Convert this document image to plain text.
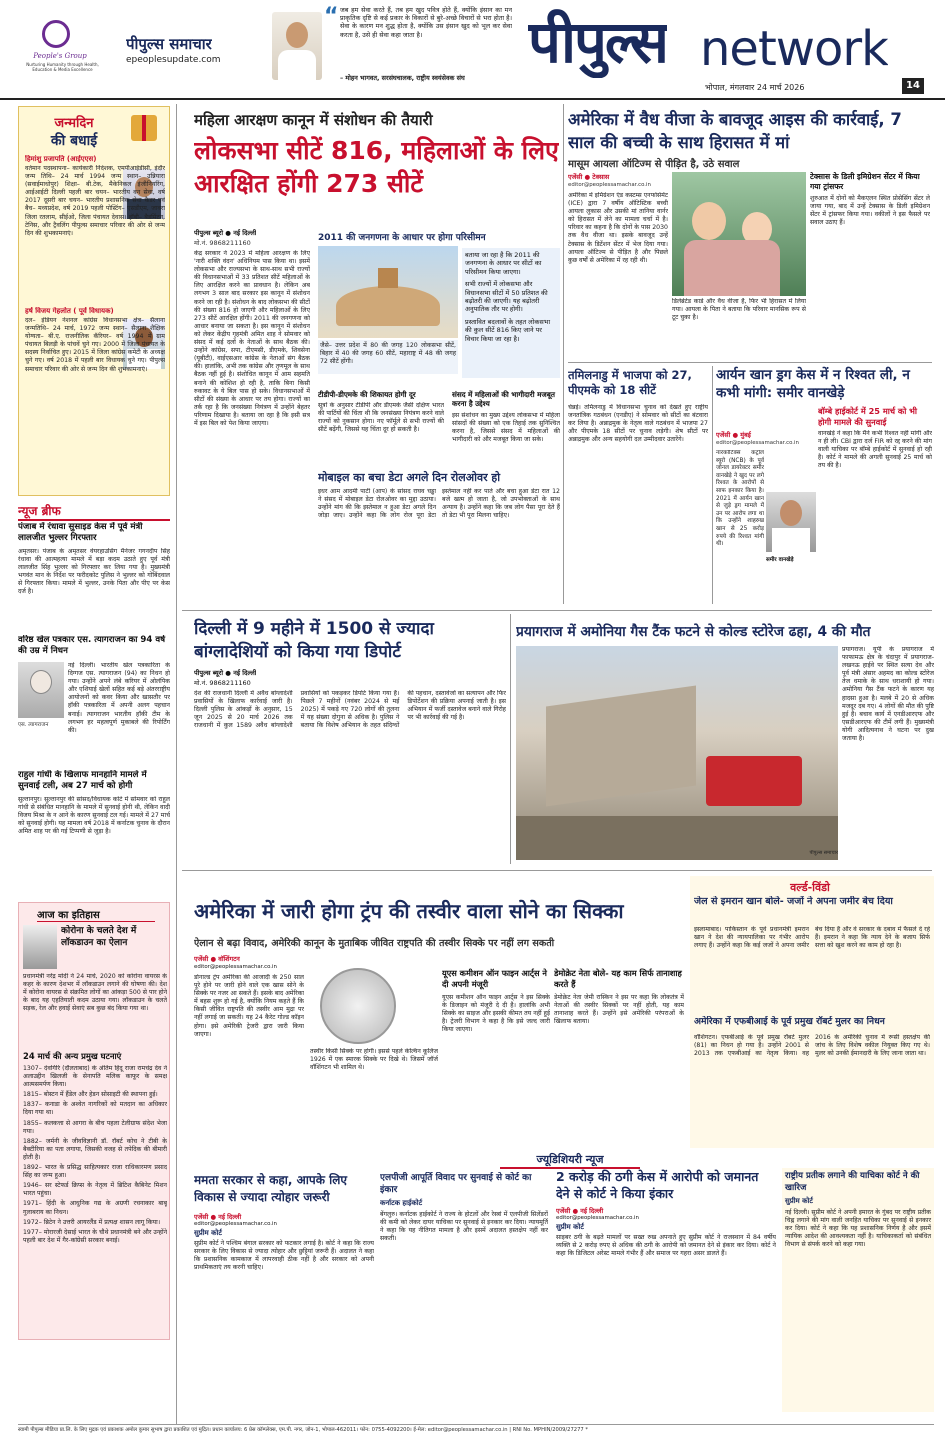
People's Group
Nurturing Humanity through Health, Education & Media Excellence
पीपुल्स समाचार
epeoplesupdate.com
“ जब हम सेवा करते हैं, तब हम खुद पवित्र होते हैं, क्योंकि इंसान का मन प्राकृतिक दृष्टि से कई प्रकार के विकारों से बुरे-अच्छे विचारों से भरा होता है। सेवा के कारण मन शुद्ध होता है, क्योंकि उस इंसान खुद को भूल कर सेवा करता है, उसे ही सेवा कहा जाता है।
– मोहन भागवत, सरसंघचालक, राष्ट्रीय स्वयंसेवक संघ
पीपुल्स network
भोपाल, मंगलवार 24 मार्च 2026	14
जन्मदिन
की बधाई
हिमांशु प्रजापति (आईएएस)
वर्तमान पदस्थापना– कार्यकारी निदेशक, एमपीआईडीसी, इंदौर जन्म तिथि– 24 मार्च 1994 जन्म स्थान– उन्नियारा (सवाईमाधोपुर) शिक्षा– बी.टेक, मैकेनिकल इंजीनियरिंग, आईआईटी दिल्ली पहली बार चयन– भारतीय वन सेवा, वर्ष 2017 दूसरी बार चयन– भारतीय प्रशासनिक सेवा कैडर एवं बैच– मध्यप्रदेश, वर्ष 2019 पहली पोस्टिंग– एसडीएम, जावरा जिला रतलाम, सीईओ, जिला पंचायत देवास। हॉबी– बैडमिंटन, टेनिस, और ट्रैवलिंग पीपुल्स समाचार परिवार की ओर से जन्म दिन की शुभकामनाएं।
हर्ष विजय गेहलोत ( पूर्व विधायक)
दल– इंडियन नेशनल कांग्रेस विधानसभा क्षेत्र– सैलाना जन्मतिथि– 24 मार्च, 1972 जन्म स्थान– सैलाना शैक्षिक योग्यता– बी.ए. राजनीतिक कॅरियर– वर्ष 1994 में ग्राम पंचायत बिलड़ी के पांचवें चुने गए। 2000 में जिला पंचायत के सदस्य निर्वाचित हुए। 2015 में जिला कांग्रेस कमेटी के अध्यक्ष चुने गए। वर्ष 2018 में पहली बार विधायक चुने गए। पीपुल्स समाचार परिवार की ओर से जन्म दिन की शुभकामनाएं।
न्यूज ब्रीफ
पंजाब में रंधावा सुसाइड केस में पूर्व मंत्री लालजीत भुल्लर गिरफ्तार
अमृतसर। पंजाब के अमृतसर वेयरहाउसिंग मैनेजर गगनदीप सिंह रंधावा की आत्महत्या मामले में बड़ा कदम उठाते हुए पूर्व मंत्री लालजीत सिंह भुल्लर को गिरफ्तार कर लिया गया है। मुख्यमंत्री भगवंत मान के निर्देश पर फरीदकोट पुलिस ने भुल्लर को गोबिंदवाल से गिरफ्तार किया। मामले में भुल्लर, उनके पिता और पीए पर केस दर्ज है।
वरिष्ठ खेल पत्रकार एस. त्यागराजन का 94 वर्ष की उम्र में निधन
एस. त्यागराजन
नई दिल्ली। भारतीय खेल पत्रकारिता के दिग्गज एस. त्यागराजन (94) का निधन हो गया। उन्होंने अपने लंबे करियर में ओलंपिक और एशियाई खेलों सहित कई बड़े अंतरराष्ट्रीय आयोजनों को कवर किया और खासतौर पर हॉकी पत्रकारिता में अपनी अलग पहचान बनाई। त्यागराजन भारतीय हॉकी टीम के लगभग हर महत्वपूर्ण मुकाबले की रिपोर्टिंग की।
राहुल गांधी के खिलाफ मानहानि मामले में सुनवाई टली, अब 27 मार्च को होगी
सुल्तानपुर। सुल्तानपुर की सांसद/विधायक कोर्ट में सोमवार को राहुल गांधी से संबंधित मानहानि के मामले में सुनवाई होनी थी, लेकिन वादी विजय मिश्रा के न आने के कारण सुनवाई टल गई। मामले में 27 मार्च को सुनवाई होगी। यह मामला वर्ष 2018 में कर्नाटक चुनाव के दौरान अमित शाह पर की गई टिप्पणी से जुड़ा है।
आज का इतिहास
कोरोना के चलते देश में लॉकडाउन का ऐलान
प्रधानमंत्री नरेंद्र मोदी ने 24 मार्च, 2020 को कोरोना वायरस के कहर के कारण देशभर में लॉकडाउन लगाने की घोषणा की। देश में कोरोना वायरस से संक्रमित लोगों का आंकड़ा 500 से पार होने के बाद यह एहतियाती कदम उठाया गया। लॉकडाउन के चलते सड़क, रेल और हवाई सेवाएं सब कुछ बंद किया गया था।
24 मार्च की अन्य प्रमुख घटनाएं
1307– देवगिरि (दौलताबाद) के अंतिम हिंदू राजा रामचंद्र देव ने अलाउद्दीन खिलजी के सेनापति मलिक काफूर के समक्ष आत्मसमर्पण किया।
1815– बोस्टन में हैंडेल और हेडन सोसाइटी की स्थापना हुई।
1837– कनाडा के अश्वेत नागरिकों को मतदान का अधिकार दिया गया था।
1855– कलकत्ता से आगरा के बीच पहला टेलीग्राफ संदेश भेजा गया।
1882– जर्मनी के जीवविज्ञानी डॉ. रॉबर्ट कोच ने टीबी के बैक्टीरिया का पता लगाया, जिसकी वजह से तपेदिक की बीमारी होती है।
1892– भारत के प्रसिद्ध साहित्यकार राजा राधिकारमण प्रसाद सिंह का जन्म हुआ।
1946– सर स्टेफर्ड क्रिप्स के नेतृत्व में ब्रिटिश कैबिनेट मिशन भारत पहुंचा।
1971– हिंदी के आधुनिक गद्य के अग्रणी रचनाकार बाबू गुलाबराय का निधन।
1972– ब्रिटेन ने उत्तरी आयरलैंड में प्रत्यक्ष शासन लागू किया।
1977– मोरारजी देसाई भारत के चौथे प्रधानमंत्री बने और उन्होंने पहली बार देश में गैर-कांग्रेसी सरकार बनाई।
महिला आरक्षण कानून में संशोधन की तैयारी
लोकसभा सीटें 816, महिलाओं के लिए आरक्षित होंगी 273 सीटें
पीपुल्स ब्यूरो ● नई दिल्ली
मो.नं. 9868211160
केंद्र सरकार ने 2023 में महिला आरक्षण के लिए 'नारी शक्ति वंदन' अधिनियम पास किया था। इसमें लोकसभा और राज्यसभा के साथ-साथ सभी राज्यों की विधानसभाओं में 33 प्रतिशत सीटें महिलाओं के लिए आरक्षित करने का प्रावधान है। लेकिन अब लगभग 3 साल बाद सरकार इस कानून में संशोधन करने जा रही है। संशोधन के बाद लोकसभा की सीटों की संख्या 816 हो जाएगी और महिलाओं के लिए 273 सीटें आरक्षित होंगी। 2011 की जनगणना को आधार बनाया जा सकता है। इस कानून में संशोधन को लेकर केंद्रीय गृहमंत्री अमित शाह ने सोमवार को संसद में कई दलों के नेताओं के साथ बैठक की। उन्होंने कांग्रेस, सपा, टीएमसी, डीएमके, शिवसेना (यूबीटी), वाईएसआर कांग्रेस के नेताओं संग बैठक की। हालांकि, अभी तक कांग्रेस और तृणमूल के साथ बैठक नहीं हुई है। संशोधित कानून में आम सहमति बनाने की कोशिश हो रही है, ताकि बिना किसी रुकावट के ये बिल पास हो सके। विधानसभाओं में सीटों की संख्या के आधार पर तय होगा। राज्यों का तर्क रहा है कि जनसंख्या नियंत्रण में उन्होंने बेहतर परिणाम दिखाया है। बताया जा रहा है कि इसी सत्र में इस बिल को पेश किया जाएगा।
2011 की जनगणना के आधार पर होगा परिसीमन
जैसे– उत्तर प्रदेश में 80 की जगह 120 लोकसभा सीटें, बिहार में 40 की जगह 60 सीटें, महाराष्ट्र में 48 की जगह 72 सीटें होंगी।
बताया जा रहा है कि 2011 की जनगणना के आधार पर सीटों का परिसीमन किया जाएगा।
सभी राज्यों में लोकसभा और विधानसभा सीटों में 50 प्रतिशत की बढ़ोतरी की जाएगी। यह बढ़ोतरी अनुपातिक तौर पर होगी।
प्रस्तावित बदलावों के तहत लोकसभा की कुल सीटें 816 किए जाने पर विचार किया जा रहा है।
टीडीपी-डीएमके की शिकायत होगी दूर
सूत्रों के अनुसार टीडीपी और डीएमके जैसी दक्षिण भारत की पार्टियों की चिंता थी कि जनसंख्या नियंत्रण करने वाले राज्यों को नुकसान होगा। नए फॉर्मूले से सभी राज्यों की सीटें बढ़ेंगी, जिससे यह चिंता दूर हो सकती है।
संसद में महिलाओं की भागीदारी मजबूत करना है उद्देश्य
इस संशोधन का मुख्य उद्देश्य लोकसभा में महिला सांसदों की संख्या को एक तिहाई तक सुनिश्चित करना है, जिससे संसद में महिलाओं की भागीदारी को और मजबूत किया जा सके।
मोबाइल का बचा डेटा अगले दिन रोलओवर हो
इधर आम आदमी पार्टी (आप) के सांसद राघव चड्ढा ने संसद में मोबाइल डेटा रोलओवर का मुद्दा उठाया। उन्होंने मांग की कि इस्तेमाल न हुआ डेटा अगले दिन जोड़ा जाए। उन्होंने कहा कि लोग रोज पूरा डेटा इस्तेमाल नहीं कर पाते और बचा हुआ डेटा रात 12 बजे खत्म हो जाता है, जो उपभोक्ताओं के साथ अन्याय है। उन्होंने कहा कि जब लोग पैसा पूरा देते हैं तो डेटा भी पूरा मिलना चाहिए।
अमेरिका में वैध वीजा के बावजूद आइस की कार्रवाई, 7 साल की बच्ची के साथ हिरासत में मां
मासूम आयला ऑटिज्म से पीड़ित है, उठे सवाल
एजेंसी ● टेक्सास
editor@peoplessamachar.co.in
अमेरिका में इमिग्रेशन एंड कस्टम्स एनफोर्समेंट (ICE) द्वारा 7 वर्षीय ऑटिस्टिक बच्ची आयला लुकास और उसकी मां तानिया वार्नर को हिरासत में लेने का मामला चर्चा में है। परिवार का कहना है कि दोनों के पास 2030 तक वैध वीजा था। इसके बावजूद उन्हें टेक्सास के डिटेंशन सेंटर में भेज दिया गया। आयला ऑटिज्म से पीड़ित है और पिछले कुछ वर्षों से अमेरिका में रह रही थी।
डिलेब्रेटेड कार्ड और वैध वीजा है, फिर भी हिरासत में लिया गया। आयला के पिता ने बताया कि परिवार मानसिक रूप से टूट चुका है।
टेक्सास के डिली इमिग्रेशन सेंटर में किया गया ट्रांसफर
शुरुआत में दोनों को मैकएलन स्थित प्रोसेसिंग सेंटर ले जाया गया, बाद में उन्हें टेक्सास के डिली इमिग्रेशन सेंटर में ट्रांसफर किया गया। वकीलों ने इस फैसले पर सवाल उठाए हैं।
तमिलनाडु में भाजपा को 27, पीएमके को 18 सीटें
चेन्नई। तमिलनाडु में विधानसभा चुनाव को देखते हुए राष्ट्रीय जनतांत्रिक गठबंधन (एनडीए) ने सोमवार को सीटों का बंटवारा कर लिया है। अन्नाद्रमुक के नेतृत्व वाले गठबंधन में भाजपा 27 और पीएमके 18 सीटों पर चुनाव लड़ेगी। शेष सीटों पर अन्नाद्रमुक और अन्य सहयोगी दल उम्मीदवार उतारेंगे।
आर्यन खान ड्रग केस में न रिश्वत ली, न कभी मांगी: समीर वानखेड़े
बॉम्बे हाईकोर्ट में 25 मार्च को भी होगी मामले की सुनवाई
एजेंसी ● मुंबई
editor@peoplessamachar.co.in
नारकोटिक्स कंट्रोल ब्यूरो (NCB) के पूर्व जोनल डायरेक्टर समीर वानखेड़े ने खुद पर लगे रिश्वत के आरोपों से साफ इनकार किया है। 2021 में आर्यन खान से जुड़े ड्रग मामले में उन पर आरोप लगा था कि उन्होंने शाहरुख खान से 25 करोड़ रुपये की रिश्वत मांगी थी।
समीर वानखेड़े
वानखेड़े ने कहा कि मैंने कभी रिश्वत नहीं मांगी और न ही ली। CBI द्वारा दर्ज FIR को रद्द करने की मांग वाली याचिका पर बॉम्बे हाईकोर्ट में सुनवाई हो रही है। कोर्ट ने मामले की अगली सुनवाई 25 मार्च को तय की है।
दिल्ली में 9 महीने में 1500 से ज्यादा बांग्लादेशियों को किया गया डिपोर्ट
पीपुल्स ब्यूरो ● नई दिल्ली
मो.नं. 9868211160
देश की राजधानी दिल्ली में अवैध बांग्लादेशी प्रवासियों के खिलाफ कार्रवाई जारी है। दिल्ली पुलिस के आंकड़ों के अनुसार, 15 जून 2025 से 20 मार्च 2026 तक राजधानी में कुल 1589 अवैध बांग्लादेशी प्रवासियों को पकड़कर डिपोर्ट किया गया है। पिछले 7 महीनों (नवंबर 2024 से मई 2025) में पकड़े गए 720 लोगों की तुलना में यह संख्या दोगुना से अधिक है। पुलिस ने बताया कि विशेष अभियान के तहत संदिग्धों की पहचान, दस्तावेजों का सत्यापन और फिर डिपोर्टेशन की प्रक्रिया अपनाई जाती है। इस अभियान में फर्जी दस्तावेज बनाने वाले गिरोह पर भी कार्रवाई की गई है।
प्रयागराज में अमोनिया गैस टैंक फटने से कोल्ड स्टोरेज ढहा, 4 की मौत
पीपुल्स समाचार
प्रयागराज। यूपी के प्रयागराज में फाफामऊ क्षेत्र के चंदापुर में प्रयागराज-लखनऊ हाईवे पर स्थित सत्या देव और पूर्व मंत्री अंसार अहमद का कोल्ड स्टोरेज तेज धमाके के साथ धराशायी हो गया। अमोनिया गैस टैंक फटने के कारण यह हादसा हुआ है। मलबे में 20 से अधिक मजदूर दब गए। 4 लोगों की मौत की पुष्टि हुई है। बचाव कार्य में एनडीआरएफ और एसडीआरएफ की टीमें लगी हैं। मुख्यमंत्री योगी आदित्यनाथ ने घटना पर दुख जताया है।
अमेरिका में जारी होगा ट्रंप की तस्वीर वाला सोने का सिक्का
ऐलान से बढ़ा विवाद, अमेरिकी कानून के मुताबिक जीवित राष्ट्रपति की तस्वीर सिक्के पर नहीं लग सकती
एजेंसी ● वॉशिंगटन
editor@peoplessamachar.co.in
डोनाल्ड ट्रंप अमेरिका की आजादी के 250 साल पूरे होने पर जारी होने वाले एक खास सोने के सिक्के पर नजर आ सकते हैं। इसके बाद अमेरिका में बहस शुरू हो गई है, क्योंकि नियम कहते हैं कि किसी जीवित राष्ट्रपति की तस्वीर आम मुद्रा पर नहीं लगाई जा सकती। यह 24 कैरेट गोल्ड कॉइन होगा। इसे अमेरिकी ट्रेजरी द्वारा जारी किया जाएगा।
तस्वीर किसी सिक्के पर होगी। इससे पहले केल्विन कूलिज 1926 में एक स्मारक सिक्के पर दिखे थे। जिसमें जॉर्ज वॉशिंगटन भी शामिल थे।
यूएस कमीशन ऑन फाइन आर्ट्स ने दी अपनी मंजूरी
यूएस कमीशन ऑन फाइन आर्ट्स ने इस सिक्के के डिजाइन को मंजूरी दे दी है। हालांकि अभी सिक्के का साइज और इसकी कीमत तय नहीं हुई है। ट्रेजरी विभाग ने कहा है कि इसे जल्द जारी किया जाएगा।
डेमोक्रेट नेता बोले- यह काम सिर्फ तानाशाह करते हैं
डेमोक्रेट नेता जेमी रास्किन ने इस पर कहा कि लोकतंत्र में नेताओं की तस्वीर सिक्कों पर नहीं होती, यह काम तानाशाह करते हैं। उन्होंने इसे अमेरिकी परंपराओं के खिलाफ बताया।
वर्ल्ड-विंडो
जेल से इमरान खान बोले- जजों ने अपना जमीर बेच दिया
इस्लामाबाद। पाकिस्तान के पूर्व प्रधानमंत्री इमरान खान ने देश की न्यायपालिका पर गंभीर आरोप लगाए हैं। उन्होंने कहा कि कई जजों ने अपना जमीर बेच दिया है और वे सरकार के दबाव में फैसले दे रहे हैं। इमरान ने कहा कि न्याय देने के बजाय सिर्फ सत्ता को खुश करने का काम हो रहा है।
अमेरिका में एफबीआई के पूर्व प्रमुख रॉबर्ट मुलर का निधन
वॉशिंगटन। एफबीआई के पूर्व प्रमुख रॉबर्ट मुलर (81) का निधन हो गया है। उन्होंने 2001 से 2013 तक एफबीआई का नेतृत्व किया। वह 2016 के अमेरिकी चुनाव में रूसी हस्तक्षेप की जांच के लिए विशेष वकील नियुक्त किए गए थे। मुलर को उनकी ईमानदारी के लिए जाना जाता था।
ज्यूडिशियरी न्यूज
ममता सरकार से कहा, आपके लिए विकास से ज्यादा त्योहार जरूरी
एजेंसी ● नई दिल्ली
editor@peoplessamachar.co.in
सुप्रीम कोर्ट
सुप्रीम कोर्ट ने पश्चिम बंगाल सरकार को फटकार लगाई है। कोर्ट ने कहा कि राज्य सरकार के लिए विकास से ज्यादा त्योहार और छुट्टियां जरूरी हैं। अदालत ने कहा कि प्रशासनिक कामकाज में लापरवाही ठीक नहीं है और सरकार को अपनी प्राथमिकताएं तय करनी चाहिए।
एलपीजी आपूर्ति विवाद पर सुनवाई से कोर्ट का इंकार
कर्नाटक हाईकोर्ट
बेंगलुरु। कर्नाटक हाईकोर्ट ने राज्य के होटलों और रेस्त्रां में एलपीजी सिलेंडरों की कमी को लेकर दायर याचिका पर सुनवाई से इनकार कर दिया। न्यायमूर्ति ने कहा कि यह नीतिगत मामला है और इसमें अदालत हस्तक्षेप नहीं कर सकती।
2 करोड़ की ठगी केस में आरोपी को जमानत देने से कोर्ट ने किया इंकार
एजेंसी ● नई दिल्ली
editor@peoplessamachar.co.in
सुप्रीम कोर्ट
साइबर ठगी के बढ़ते मामलों पर सख्त रुख अपनाते हुए सुप्रीम कोर्ट ने राजस्थान में 84 वर्षीय व्यक्ति से 2 करोड़ रुपए से अधिक की ठगी के आरोपी को जमानत देने से इंकार कर दिया। कोर्ट ने कहा कि डिजिटल अरेस्ट मामले गंभीर हैं और समाज पर गहरा असर डालते हैं।
राष्ट्रीय प्रतीक लगाने की याचिका कोर्ट ने की खारिज
सुप्रीम कोर्ट
नई दिल्ली। सुप्रीम कोर्ट ने अपनी इमारत के गुंबद पर राष्ट्रीय प्रतीक चिह्न लगाने की मांग वाली जनहित याचिका पर सुनवाई से इनकार कर दिया। कोर्ट ने कहा कि यह प्रशासनिक निर्णय है और इसमें न्यायिक आदेश की आवश्यकता नहीं है। याचिकाकर्ता को संबंधित विभाग से संपर्क करने को कहा गया।
स्वामी पीपुल्स मीडिया प्रा.लि. के लिए मुद्रक एवं प्रकाशक अमोल कुमार सुभाष द्वारा प्रकाशित एवं मुद्रित। प्रधान कार्यालय: 6 प्रेस कॉम्प्लेक्स, एम.पी. नगर, जोन-1, भोपाल-462011। फोन: 0755-4092200। ई-मेल: editor@peoplessamachar.co.in | RNI No. MPHIN/2009/27277 *
